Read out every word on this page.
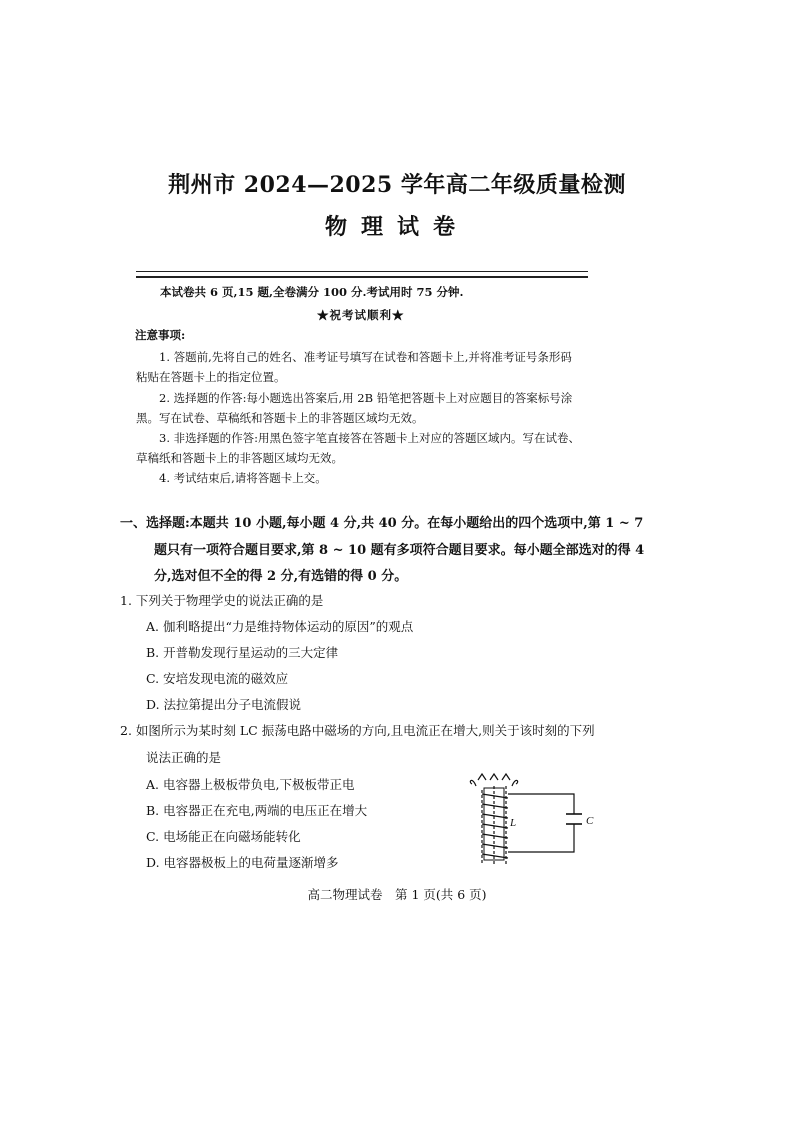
荆州市 2024—2025 学年高二年级质量检测
物理试卷
本试卷共 6 页,15 题,全卷满分 100 分.考试用时 75 分钟.
★祝考试顺利★
注意事项:
1. 答题前,先将自己的姓名、准考证号填写在试卷和答题卡上,并将准考证号条形码
粘贴在答题卡上的指定位置。
2. 选择题的作答:每小题选出答案后,用 2B 铅笔把答题卡上对应题目的答案标号涂
黑。写在试卷、草稿纸和答题卡上的非答题区域均无效。
3. 非选择题的作答:用黑色签字笔直接答在答题卡上对应的答题区域内。写在试卷、
草稿纸和答题卡上的非答题区域均无效。
4. 考试结束后,请将答题卡上交。
一、选择题:本题共 10 小题,每小题 4 分,共 40 分。在每小题给出的四个选项中,第 1 ~ 7
题只有一项符合题目要求,第 8 ~ 10 题有多项符合题目要求。每小题全部选对的得 4
分,选对但不全的得 2 分,有选错的得 0 分。
1. 下列关于物理学史的说法正确的是
A. 伽利略提出“力是维持物体运动的原因”的观点
B. 开普勒发现行星运动的三大定律
C. 安培发现电流的磁效应
D. 法拉第提出分子电流假说
2. 如图所示为某时刻 LC 振荡电路中磁场的方向,且电流正在增大,则关于该时刻的下列
说法正确的是
A. 电容器上极板带负电,下极板带正电
B. 电容器正在充电,两端的电压正在增大
C. 电场能正在向磁场能转化
D. 电容器极板上的电荷量逐渐增多
L	C
高二物理试卷　第 1 页(共 6 页)
